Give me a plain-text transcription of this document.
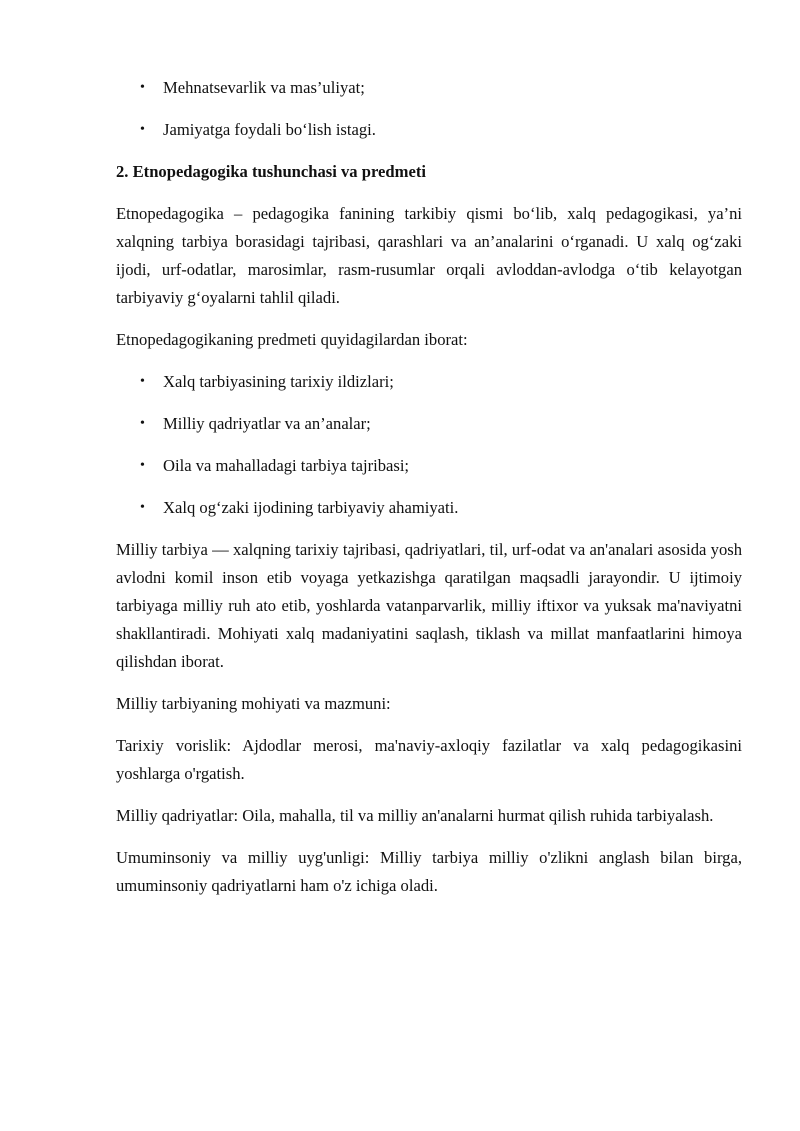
• Mehnatsevarlik va mas’uliyat;
• Jamiyatga foydali bo‘lish istagi.
2. Etnopedagogika tushunchasi va predmeti

Etnopedagogika – pedagogika fanining tarkibiy qismi bo‘lib, xalq pedagogikasi, ya’ni xalqning tarbiya borasidagi tajribasi, qarashlari va an’analarini o‘rganadi. U xalq og‘zaki ijodi, urf-odatlar, marosimlar, rasm-rusumlar orqali avloddan-avlodga o‘tib kelayotgan tarbiyaviy g‘oyalarni tahlil qiladi.

Etnopedagogikaning predmeti quyidagilardan iborat:

• Xalq tarbiyasining tarixiy ildizlari;
• Milliy qadriyatlar va an’analar;
• Oila va mahalladagi tarbiya tajribasi;
• Xalq og‘zaki ijodining tarbiyaviy ahamiyati.

Milliy tarbiya — xalqning tarixiy tajribasi, qadriyatlari, til, urf-odat va an'analari asosida yosh avlodni komil inson etib voyaga yetkazishga qaratilgan maqsadli jarayondir. U ijtimoiy tarbiyaga milliy ruh ato etib, yoshlarda vatanparvarlik, milliy iftixor va yuksak ma'naviyatni shakllantiradi. Mohiyati xalq madaniyatini saqlash, tiklash va millat manfaatlarini himoya qilishdan iborat.

Milliy tarbiyaning mohiyati va mazmuni:

Tarixiy vorislik: Ajdodlar merosi, ma'naviy-axloqiy fazilatlar va xalq pedagogikasini yoshlarga o'rgatish.

Milliy qadriyatlar: Oila, mahalla, til va milliy an'analarni hurmat qilish ruhida tarbiyalash.

Umuminsoniy va milliy uyg'unligi: Milliy tarbiya milliy o'zlikni anglash bilan birga, umuminsoniy qadriyatlarni ham o'z ichiga oladi.
